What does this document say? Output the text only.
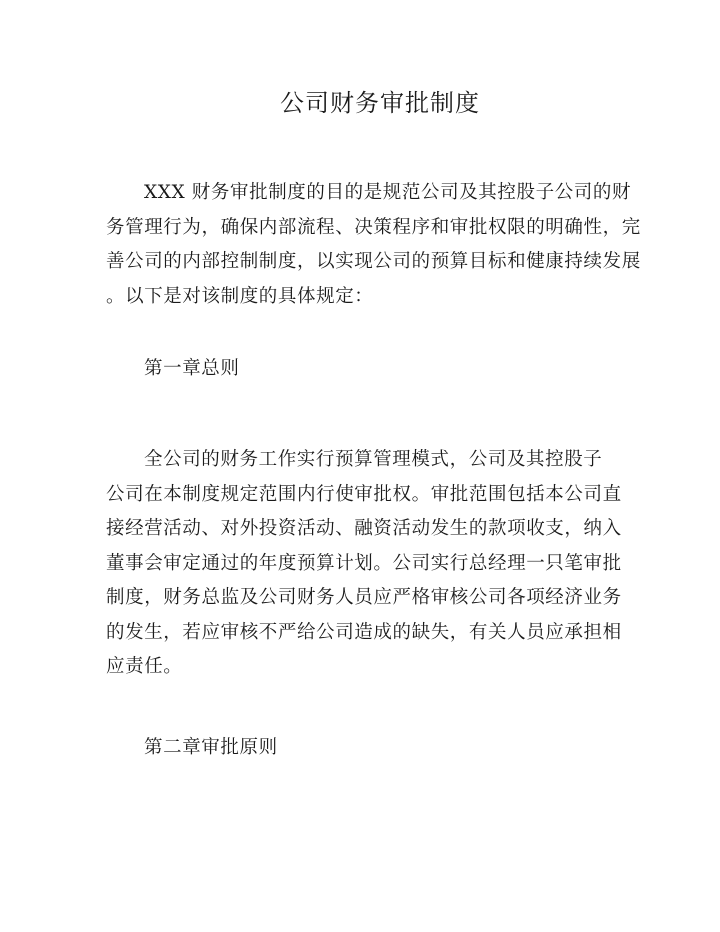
公司财务审批制度
XXX 财务审批制度的目的是规范公司及其控股子公司的财
务管理行为，确保内部流程、决策程序和审批权限的明确性，完
善公司的内部控制制度，以实现公司的预算目标和健康持续发展
。以下是对该制度的具体规定：
第一章总则
全公司的财务工作实行预算管理模式，公司及其控股子
公司在本制度规定范围内行使审批权。审批范围包括本公司直
接经营活动、对外投资活动、融资活动发生的款项收支，纳入
董事会审定通过的年度预算计划。公司实行总经理一只笔审批
制度，财务总监及公司财务人员应严格审核公司各项经济业务
的发生，若应审核不严给公司造成的缺失，有关人员应承担相
应责任。
第二章审批原则
